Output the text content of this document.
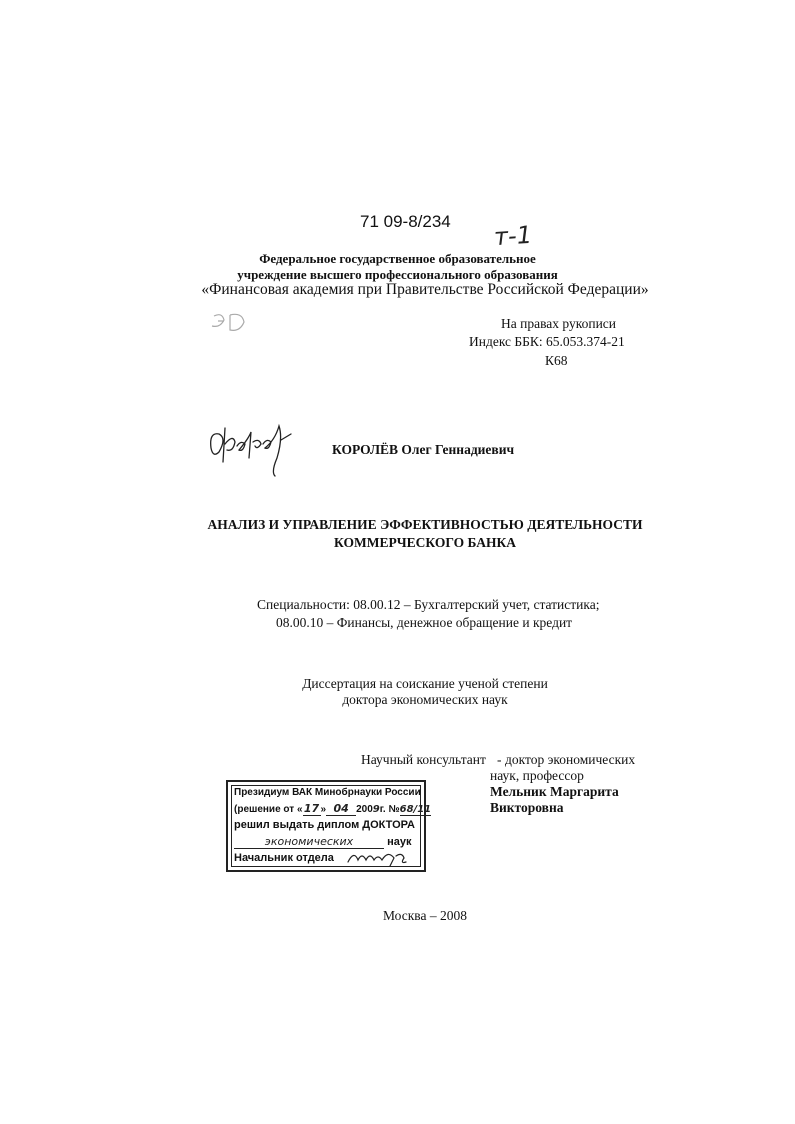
71 09-8/234 т-1
Федеральное государственное образовательное
учреждение высшего профессионального образования
«Финансовая академия при Правительстве Российской Федерации»
На правах рукописи
Индекс ББК: 65.053.374-21
К68
КОРОЛЁВ Олег Геннадиевич
АНАЛИЗ И УПРАВЛЕНИЕ ЭФФЕКТИВНОСТЬЮ ДЕЯТЕЛЬНОСТИ
КОММЕРЧЕСКОГО БАНКА
Специальности: 08.00.12 – Бухгалтерский учет, статистика;
08.00.10 – Финансы, денежное обращение и кредит
Диссертация на соискание ученой степени
доктора экономических наук
Научный консультант - доктор экономических
наук, профессор
Мельник Маргарита
Викторовна
Президиум ВАК Минобрнауки России
(решение от «17» 04 2009г. №68/11
решил выдать диплом ДОКТОРА
экономических	наук
Начальник отдела
Москва – 2008
